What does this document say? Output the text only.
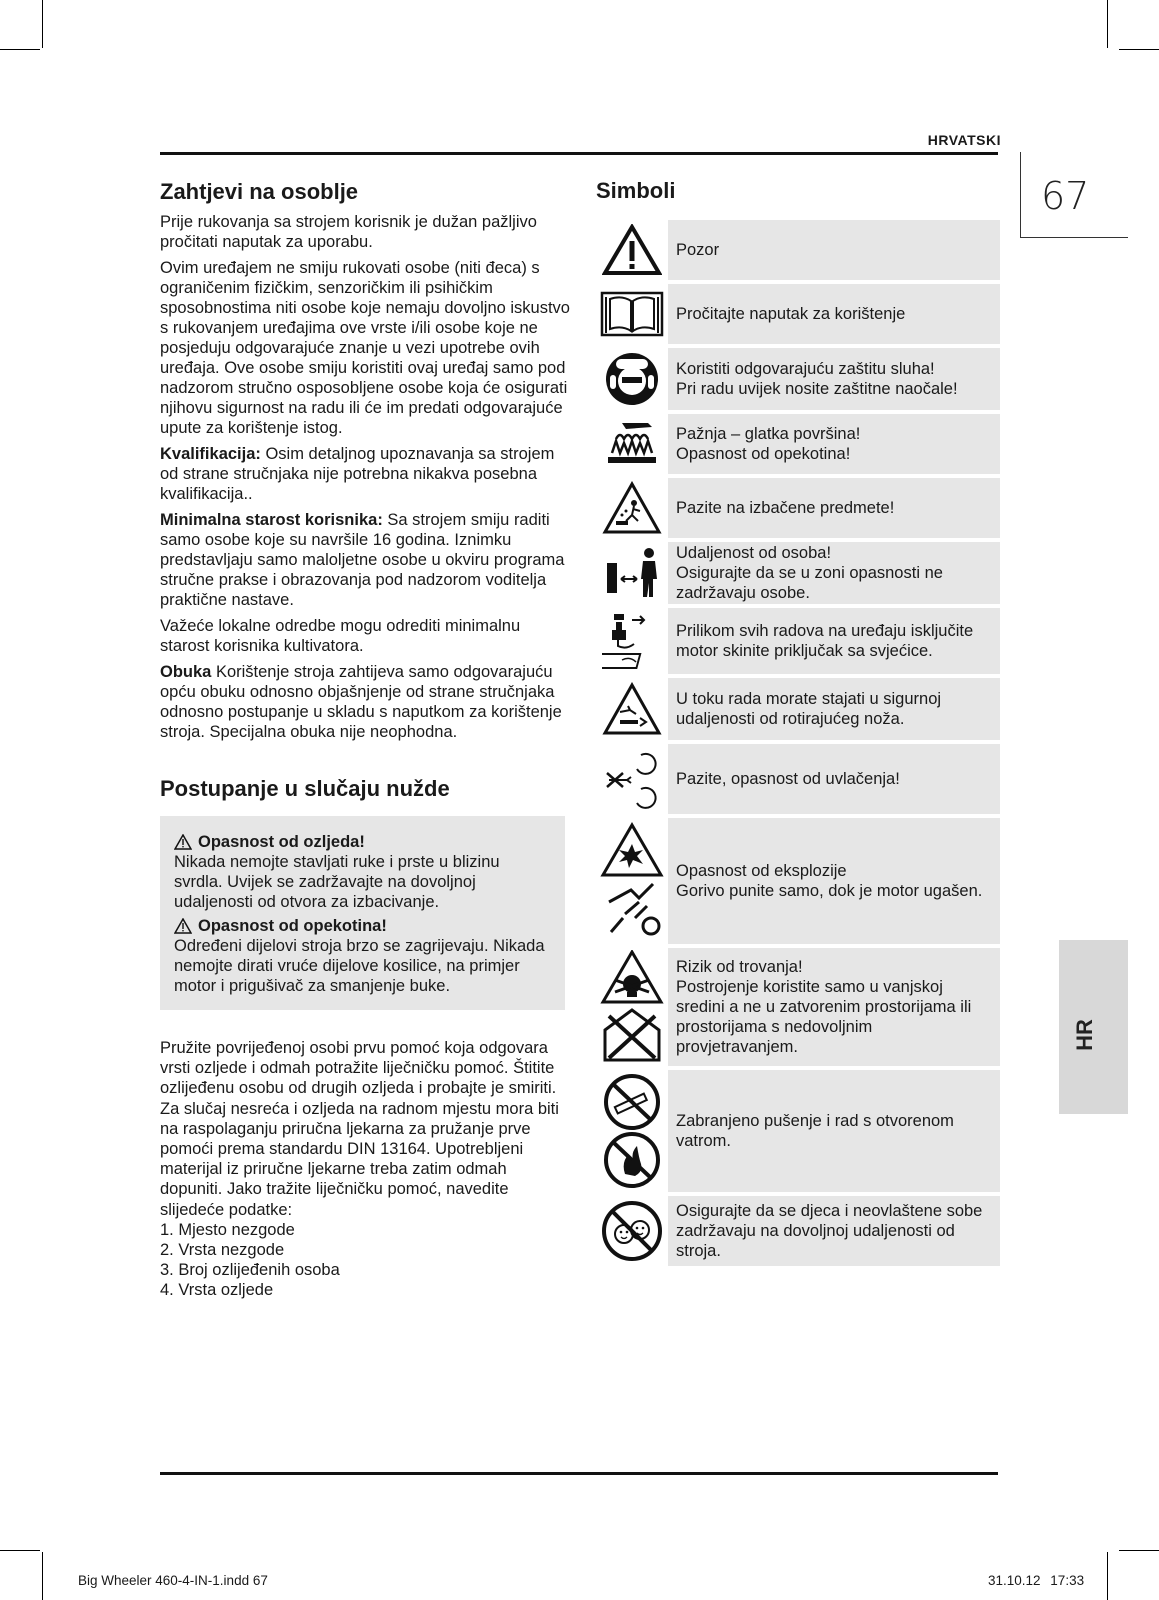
HRVATSKI
67
HR
Zahtjevi na osoblje

Prije rukovanja sa strojem korisnik je dužan pažljivo pročitati naputak za uporabu.

Ovim uređajem ne smiju rukovati osobe (niti đeca) s ograničenim fizičkim, senzoričkim ili psihičkim sposobnostima niti osobe koje nemaju dovoljno iskustvo s rukovanjem uređajima ove vrste i/ili osobe koje ne posjeduju odgovarajuće znanje u vezi upotrebe ovih uređaja. Ove osobe smiju koristiti ovaj uređaj samo pod nadzorom stručno osposobljene osobe koja će osigurati njihovu sigurnost na radu ili će im predati odgovarajuće upute za korištenje istog.

Kvalifikacija: Osim detaljnog upoznavanja sa strojem od strane stručnjaka nije potrebna nikakva posebna kvalifikacija..

Minimalna starost korisnika: Sa strojem smiju raditi samo osobe koje su navršile 16 godina. Iznimku predstavljaju samo maloljetne osobe u okviru programa stručne prakse i obrazovanja pod nadzorom voditelja praktične nastave.

Važeće lokalne odredbe mogu odrediti minimalnu starost korisnika kultivatora.

Obuka Korištenje stroja zahtijeva samo odgovarajuću opću obuku odnosno objašnjenje od strane stručnjaka odnosno postupanje u skladu s naputkom za korištenje stroja. Specijalna obuka nije neophodna.

Postupanje u slučaju nužde
Opasnost od ozljeda!
Nikada nemojte stavljati ruke i prste u blizinu svrdla. Uvijek se zadržavajte na dovoljnoj udaljenosti od otvora za izbacivanje.
Opasnost od opekotina!
Određeni dijelovi stroja brzo se zagrijevaju. Nikada nemojte dirati vruće dijelove kosilice, na primjer motor i prigušivač za smanjenje buke.
Pružite povrijeđenoj osobi prvu pomoć koja odgovara vrsti ozljede i odmah potražite liječničku pomoć. Štitite ozlijeđenu osobu od drugih ozljeda i probajte je smiriti. Za slučaj nesreća i ozljeda na radnom mjestu mora biti na raspolaganju priručna ljekarna za pružanje prve pomoći prema standardu DIN 13164. Upotrebljeni materijal iz priručne ljekarne treba zatim odmah dopuniti. Jako tražite liječničku pomoć, navedite slijedeće podatke:
1. Mjesto nezgode
2. Vrsta nezgode
3. Broj ozlijeđenih osoba
4. Vrsta ozljede
Simboli
Pozor
Pročitajte naputak za korištenje
Koristiti odgovarajuću zaštitu sluha!
Pri radu uvijek nosite zaštitne naočale!
Pažnja – glatka površina!
Opasnost od opekotina!
Pazite na izbačene predmete!
Udaljenost od osoba!
Osigurajte da se u zoni opasnosti ne zadržavaju osobe.
Prilikom svih radova na uređaju isključite motor skinite priključak sa svjećice.
U toku rada morate stajati u sigurnoj udaljenosti od rotirajućeg noža.
Pazite, opasnost od uvlačenja!
Opasnost od eksplozije
Gorivo punite samo, dok je motor ugašen.
Rizik od trovanja!
Postrojenje koristite samo u vanjskoj sredini a ne u zatvorenim prostorijama ili prostorijama s nedovoljnim provjetravanjem.
Zabranjeno pušenje i rad s otvorenom vatrom.
Osigurajte da se djeca i neovlaštene sobe zadržavaju na dovoljnoj udaljenosti od stroja.
Big Wheeler 460-4-IN-1.indd 67	31.10.12 17:33
